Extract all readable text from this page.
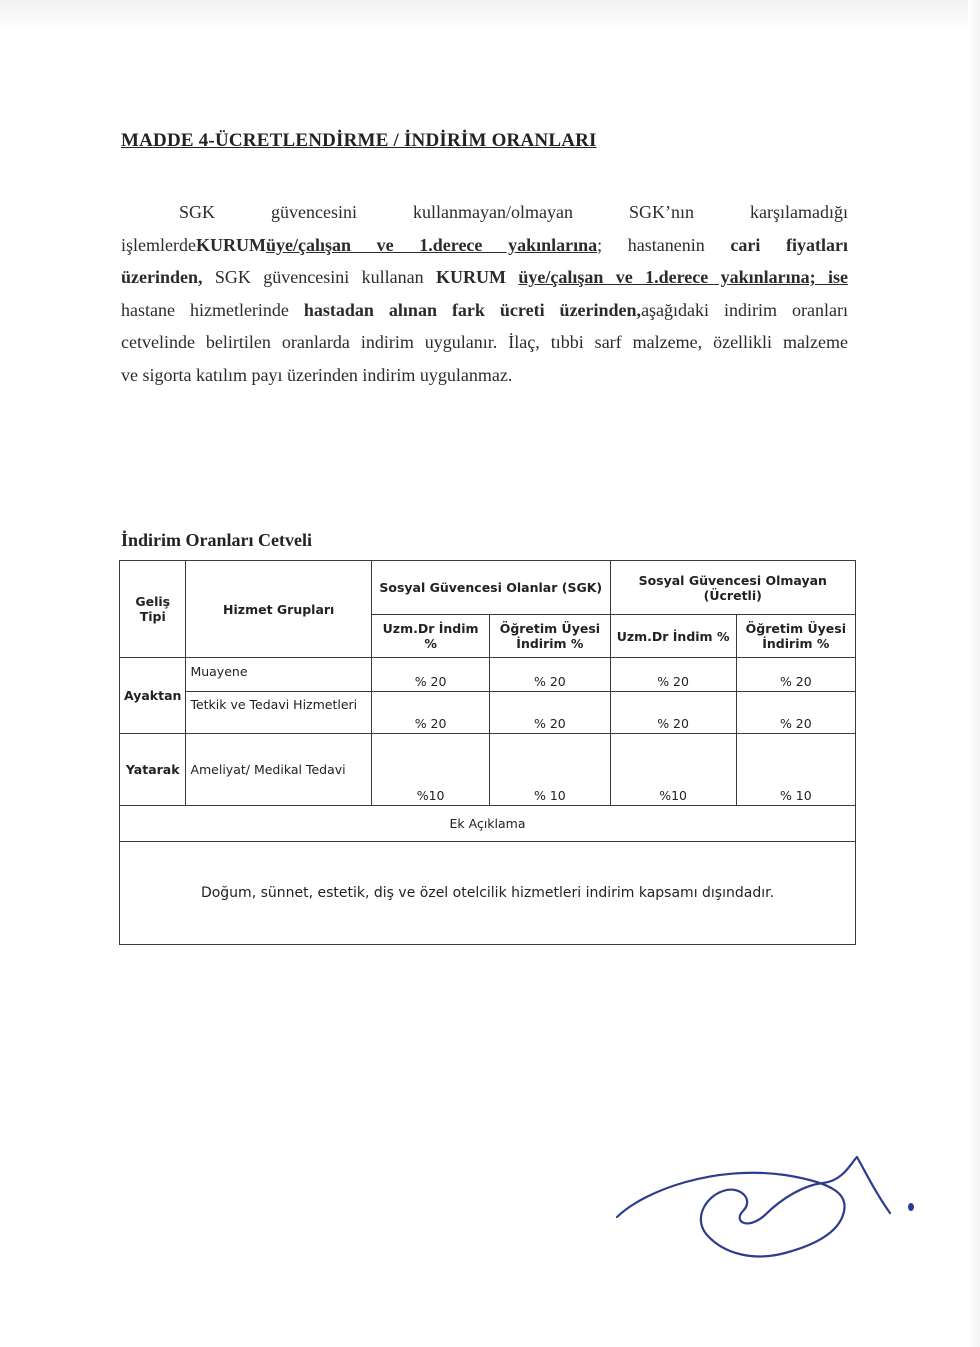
MADDE 4-ÜCRETLENDİRME / İNDİRİM ORANLARI

SGK	güvencesini	kullanmayan/olmayan	SGK’nın	karşılamadığı

işlemlerdeKURUMüye/çalışan ve 1.derece yakınlarına; hastanenin cari fiyatları

üzerinden, SGK güvencesini kullanan KURUM üye/çalışan ve 1.derece yakınlarına; ise

hastane hizmetlerinde hastadan alınan fark ücreti üzerinden,aşağıdaki indirim oranları

cetvelinde belirtilen oranlarda indirim uygulanır. İlaç, tıbbi sarf malzeme, özellikli malzeme

ve sigorta katılım payı üzerinden indirim uygulanmaz.

İndirim Oranları Cetveli
Geliş Tipi	Hizmet Grupları	Sosyal Güvencesi Olanlar (SGK)		Sosyal Güvencesi Olmayan (Ücretli)	
		Uzm.Dr İndim %	Öğretim Üyesi İndirim %	Uzm.Dr İndim %	Öğretim Üyesi İndirim %
Ayaktan	Muayene	% 20	% 20	% 20	% 20
	Tetkik ve Tedavi Hizmetleri	% 20	% 20	% 20	% 20
Yatarak	Ameliyat/ Medikal Tedavi	%10	% 10	%10	% 10
Ek Açıklama					
Doğum, sünnet, estetik, diş ve özel otelcilik hizmetleri indirim kapsamı dışındadır.					
